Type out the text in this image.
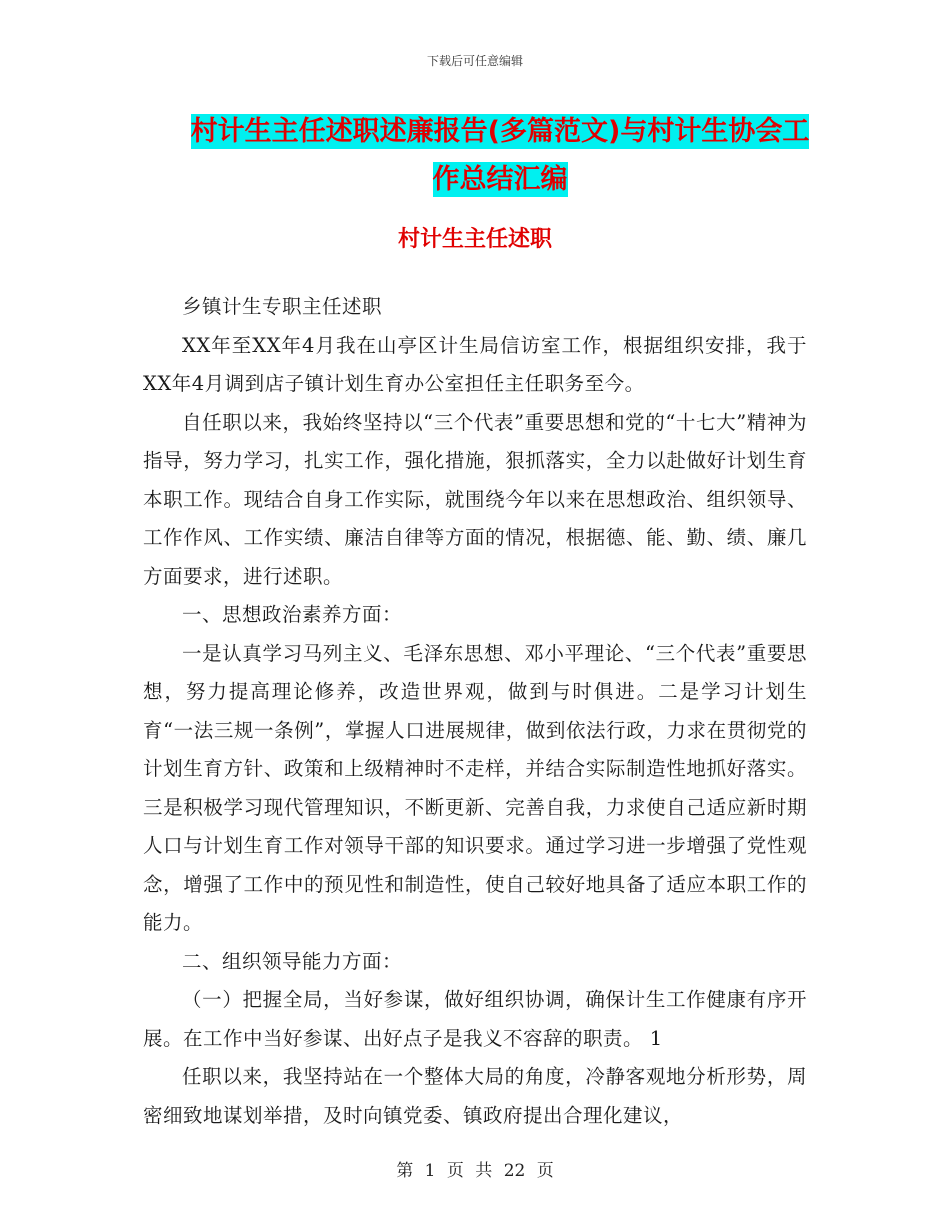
下载后可任意编辑
村计生主任述职述廉报告(多篇范文)与村计生协会工作总结汇编
村计生主任述职

乡镇计生专职主任述职

XX年至XX年4月我在山亭区计生局信访室工作，根据组织安排，我于XX年4月调到店子镇计划生育办公室担任主任职务至今。

自任职以来，我始终坚持以“三个代表”重要思想和党的“十七大”精神为指导，努力学习，扎实工作，强化措施，狠抓落实，全力以赴做好计划生育本职工作。现结合自身工作实际，就围绕今年以来在思想政治、组织领导、工作作风、工作实绩、廉洁自律等方面的情况，根据德、能、勤、绩、廉几方面要求，进行述职。

一、思想政治素养方面：

一是认真学习马列主义、毛泽东思想、邓小平理论、“三个代表”重要思想，努力提高理论修养，改造世界观，做到与时俱进。二是学习计划生育“一法三规一条例”，掌握人口进展规律，做到依法行政，力求在贯彻党的计划生育方针、政策和上级精神时不走样，并结合实际制造性地抓好落实。三是积极学习现代管理知识，不断更新、完善自我，力求使自己适应新时期人口与计划生育工作对领导干部的知识要求。通过学习进一步增强了党性观念，增强了工作中的预见性和制造性，使自己较好地具备了适应本职工作的能力。

二、组织领导能力方面：

（一）把握全局，当好参谋，做好组织协调，确保计生工作健康有序开展。在工作中当好参谋、出好点子是我义不容辞的职责。 1

任职以来，我坚持站在一个整体大局的角度，冷静客观地分析形势，周密细致地谋划举措，及时向镇党委、镇政府提出合理化建议，

第 1 页 共 22 页
